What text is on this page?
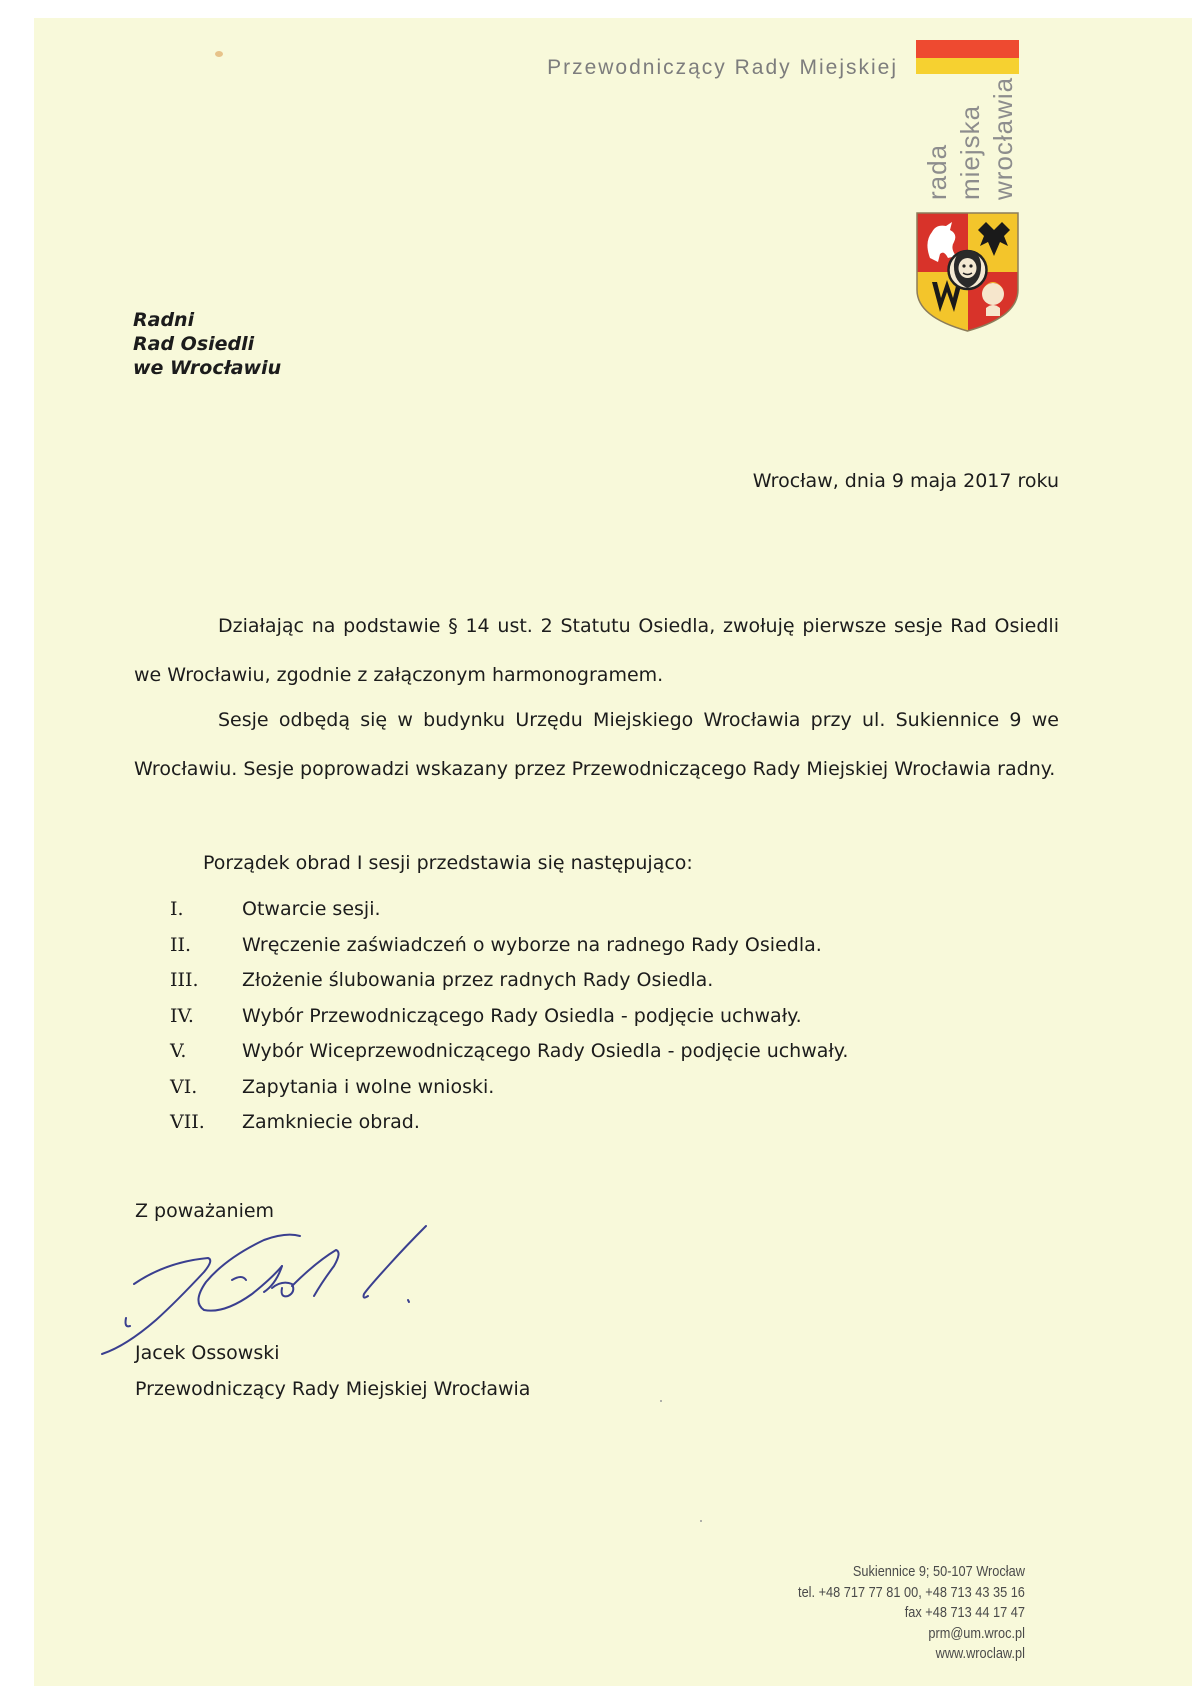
Przewodniczący Rady Miejskiej
rada miejska wrocławia
Radni
Rad Osiedli
we Wrocławiu
Wrocław, dnia 9 maja 2017 roku
Działając na podstawie § 14 ust. 2 Statutu Osiedla, zwołuję pierwsze sesje Rad Osiedli we Wrocławiu, zgodnie z załączonym harmonogramem.
Sesje odbędą się w budynku Urzędu Miejskiego Wrocławia przy ul. Sukiennice 9 we Wrocławiu. Sesje poprowadzi wskazany przez Przewodniczącego Rady Miejskiej Wrocławia radny.
Porządek obrad I sesji przedstawia się następująco:
I.	Otwarcie sesji.
II.	Wręczenie zaświadczeń o wyborze na radnego Rady Osiedla.
III. Złożenie ślubowania przez radnych Rady Osiedla.
IV.	Wybór Przewodniczącego Rady Osiedla - podjęcie uchwały.
V.	Wybór Wiceprzewodniczącego Rady Osiedla - podjęcie uchwały.
VI. Zapytania i wolne wnioski.
VII. Zamkniecie obrad.
Z poważaniem
Jacek Ossowski
Przewodniczący Rady Miejskiej Wrocławia
Sukiennice 9; 50-107 Wrocław
tel. +48 717 77 81 00, +48 713 43 35 16
fax +48 713 44 17 47
prm@um.wroc.pl
www.wroclaw.pl
